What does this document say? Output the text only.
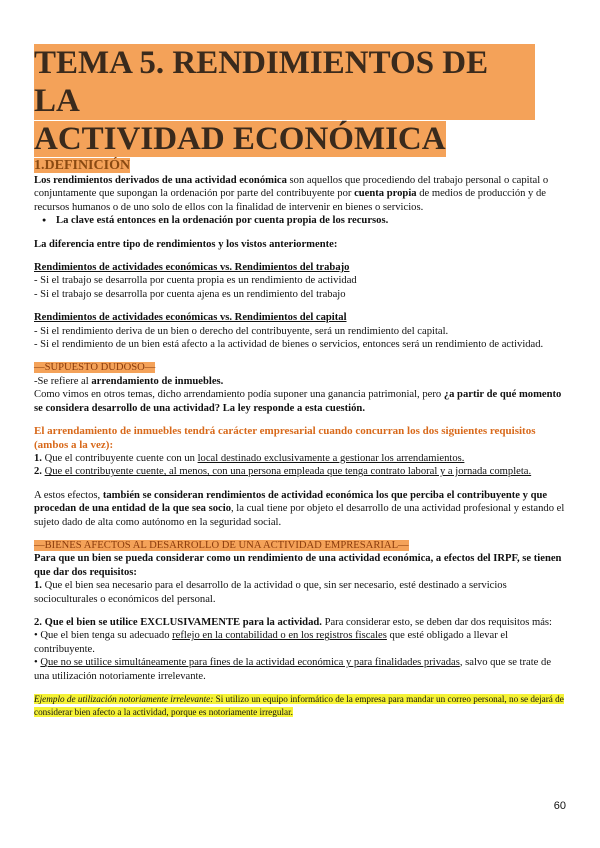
TEMA 5. RENDIMIENTOS DE LA
ACTIVIDAD ECONÓMICA
1.DEFINICIÓN

Los rendimientos derivados de una actividad económica son aquellos que procediendo del trabajo personal o capital o conjuntamente que supongan la ordenación por parte del contribuyente por cuenta propia de medios de producción y de recursos humanos o de uno solo de ellos con la finalidad de intervenir en bienes o servicios.

● La clave está entonces en la ordenación por cuenta propia de los recursos.

La diferencia entre tipo de rendimientos y los vistos anteriormente:

Rendimientos de actividades económicas vs. Rendimientos del trabajo

- Si el trabajo se desarrolla por cuenta propia es un rendimiento de actividad

- Si el trabajo se desarrolla por cuenta ajena es un rendimiento del trabajo

Rendimientos de actividades económicas vs. Rendimientos del capital

- Si el rendimiento deriva de un bien o derecho del contribuyente, será un rendimiento del capital.

- Si el rendimiento de un bien está afecto a la actividad de bienes o servicios, entonces será un rendimiento de actividad.

—SUPUESTO DUDOSO—

-Se refiere al arrendamiento de inmuebles.
Como vimos en otros temas, dicho arrendamiento podía suponer una ganancia patrimonial, pero ¿a partir de qué momento se considera desarrollo de una actividad? La ley responde a esta cuestión.

El arrendamiento de inmuebles tendrá carácter empresarial cuando concurran los dos siguientes requisitos (ambos a la vez):

1. Que el contribuyente cuente con un local destinado exclusivamente a gestionar los arrendamientos.

2. Que el contribuyente cuente, al menos, con una persona empleada que tenga contrato laboral y a jornada completa.

A estos efectos, también se consideran rendimientos de actividad económica los que perciba el contribuyente y que procedan de una entidad de la que sea socio, la cual tiene por objeto el desarrollo de una actividad profesional y estando el sujeto dado de alta como autónomo en la seguridad social.

—BIENES AFECTOS AL DESARROLLO DE UNA ACTIVIDAD EMPRESARIAL—

Para que un bien se pueda considerar como un rendimiento de una actividad económica, a efectos del IRPF, se tienen que dar dos requisitos:

1. Que el bien sea necesario para el desarrollo de la actividad o que, sin ser necesario, esté destinado a servicios socioculturales o económicos del personal.

2. Que el bien se utilice EXCLUSIVAMENTE para la actividad. Para considerar esto, se deben dar dos requisitos más:

• Que el bien tenga su adecuado reflejo en la contabilidad o en los registros fiscales que esté obligado a llevar el contribuyente.

• Que no se utilice simultáneamente para fines de la actividad económica y para finalidades privadas, salvo que se trate de una utilización notoriamente irrelevante.

Ejemplo de utilización notoriamente irrelevante: Si utilizo un equipo informático de la empresa para mandar un correo personal, no se dejará de considerar bien afecto a la actividad, porque es notoriamente irregular.

60
